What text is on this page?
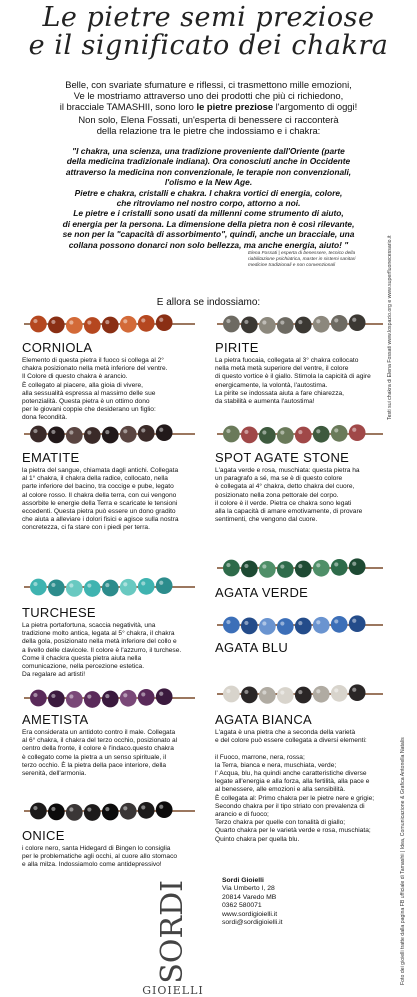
Le pietre semi preziose
e il significato dei chakra
Belle, con svariate sfumature e riflessi, ci trasmettono mille emozioni,
Ve le mostriamo attraverso uno dei prodotti che più ci richiedono,
il bracciale TAMASHII, sono loro le pietre preziose l'argomento di oggi!
Non solo, Elena Fossati, un'esperta di benessere ci racconterà
della relazione tra le pietre che indossiamo e i chakra:
"I chakra, una scienza, una tradizione proveniente dall'Oriente (parte
della medicina tradizionale indiana). Ora conosciuti anche in Occidente
attraverso la medicina non convenzionale, le terapie non convenzionali,
l'olismo e la New Age.
Pietre e chakra, cristalli e chakra. I chakra vortici di energia, colore,
che ritroviamo nel nostro corpo, attorno a noi.
Le pietre e i cristalli sono usati da millenni come strumento di aiuto,
di energia per la persona. La dimensione della pietra non è così rilevante,
se non per la "capacità di assorbimento", quindi, anche un bracciale, una
collana possono donarci non solo bellezza, ma anche energia, aiuto! "
Elena Fossati | esperta di benessere, tecnico della
riabilitazione psichiatrica, master in sistemi sanitari
medicine tradizionali e non convenzionali
E allora se indossiamo:
CORNIOLA
Elemento di questa pietra il fuoco si collega al 2°
chakra posizionato nella metà inferiore del ventre.
Il Colore di questo chakra è arancio.
È collegato al piacere, alla gioia di vivere,
alla sessualità espressa al massimo delle sue
potenzialità. Questa pietra è un ottimo dono
per le giovani coppie che desiderano un figlio:
dona fecondità.
EMATITE
la pietra del sangue, chiamata dagli antichi. Collegata
al 1° chakra, il chakra della radice, collocato, nella
parte inferiore del bacino, tra coccige e pube, legato
al colore rosso. Il chakra della terra, con cui vengono
assorbite le energie della Terra e scaricate le tensioni
eccedenti. Questa pietra può essere un dono gradito
che aiuta a alleviare i dolori fisici e agisce sulla nostra
concretezza, ci fa stare con i piedi per terra.
TURCHESE
La pietra portafortuna, scaccia negatività, una
tradizione molto antica, legata al 5° chakra, il chakra
della gola, posizionato nella metà inferiore del collo e
a livello delle clavicole. Il colore è l'azzurro, il turchese.
Come il chackra questa pietra aiuta nella
comunicazione, nella percezione estetica.
Da regalare ad artisti!
AMETISTA
Era considerata un antidoto contro il male. Collegata
al 6° chakra, il chakra del terzo occhio, posizionato al
centro della fronte, il colore è l'indaco.questo chakra
è collegato come la pietra a un senso spirituale, il
terzo occhio. È la pietra della pace interiore, della
serenità, dell'armonia.
ONICE
i colore nero, santa Hidegard di Bingen lo consiglia
per le problematiche agli occhi, al cuore allo stomaco
e alla milza. Indossiamolo come antidepressivo!
PIRITE
La pietra fuocaia, collegata al 3° chakra collocato
nella metà metà superiore del ventre, il colore
di questo vortice è il giallo. Stimola la capicità di agire
energicamente, la volontà, l'autostima.
La pirite se indossata aiuta a fare chiarezza,
da stabilità e aumenta l'autostima!
SPOT AGATE STONE
L'agata verde e rosa, muschiata: questa pietra ha
un paragrafo a sé, ma se è di questo colore
è collegata al 4° chakra, detto chakra del cuore,
posizionato nella zona pettorale del corpo.
il colore è il verde. Pietra ce chakra sono legati
alla la capacità di amare emotivamente, di provare
sentimenti, che vengono dal cuore.
AGATA VERDE
AGATA BLU
AGATA BIANCA
L'agata è una pietra che a seconda della varietà
e del colore può essere collegata a diversi elementi:

il Fuoco, marrone, nera, rossa;
la Terra, bianca e nera, muschiata, verde;
l' Acqua, blu, ha quindi anche caratteristiche diverse
legate all'energia e alla forza, alla fertilità, alla pace e
al benessere, alle emozioni e alla sensibilità.
È collegata al: Primo chakra per le pietre nere e grigie;
Secondo chakra per il tipo striato con prevalenza di
arancio e di fuoco;
Terzo chakra per quelle con tonalità di giallo;
Quarto chakra per le varietà verde e rosa, muschiata;
Quinto chakra per quella blu.
Testi sui chakra di Elena Fossati www.lospazio.org e www.superfluonecessario.it
Foto dei gioielli tratte dalla pagina FB ufficiale di Tamashii | Idea, Comunicazione & Grafica Antonella Natalis
SORDI
GIOIELLI
Sordi Gioielli
Via Umberto I, 28
20814 Varedo MB
0362 580071
www.sordigioielli.it
sordi@sordigioielli.it
